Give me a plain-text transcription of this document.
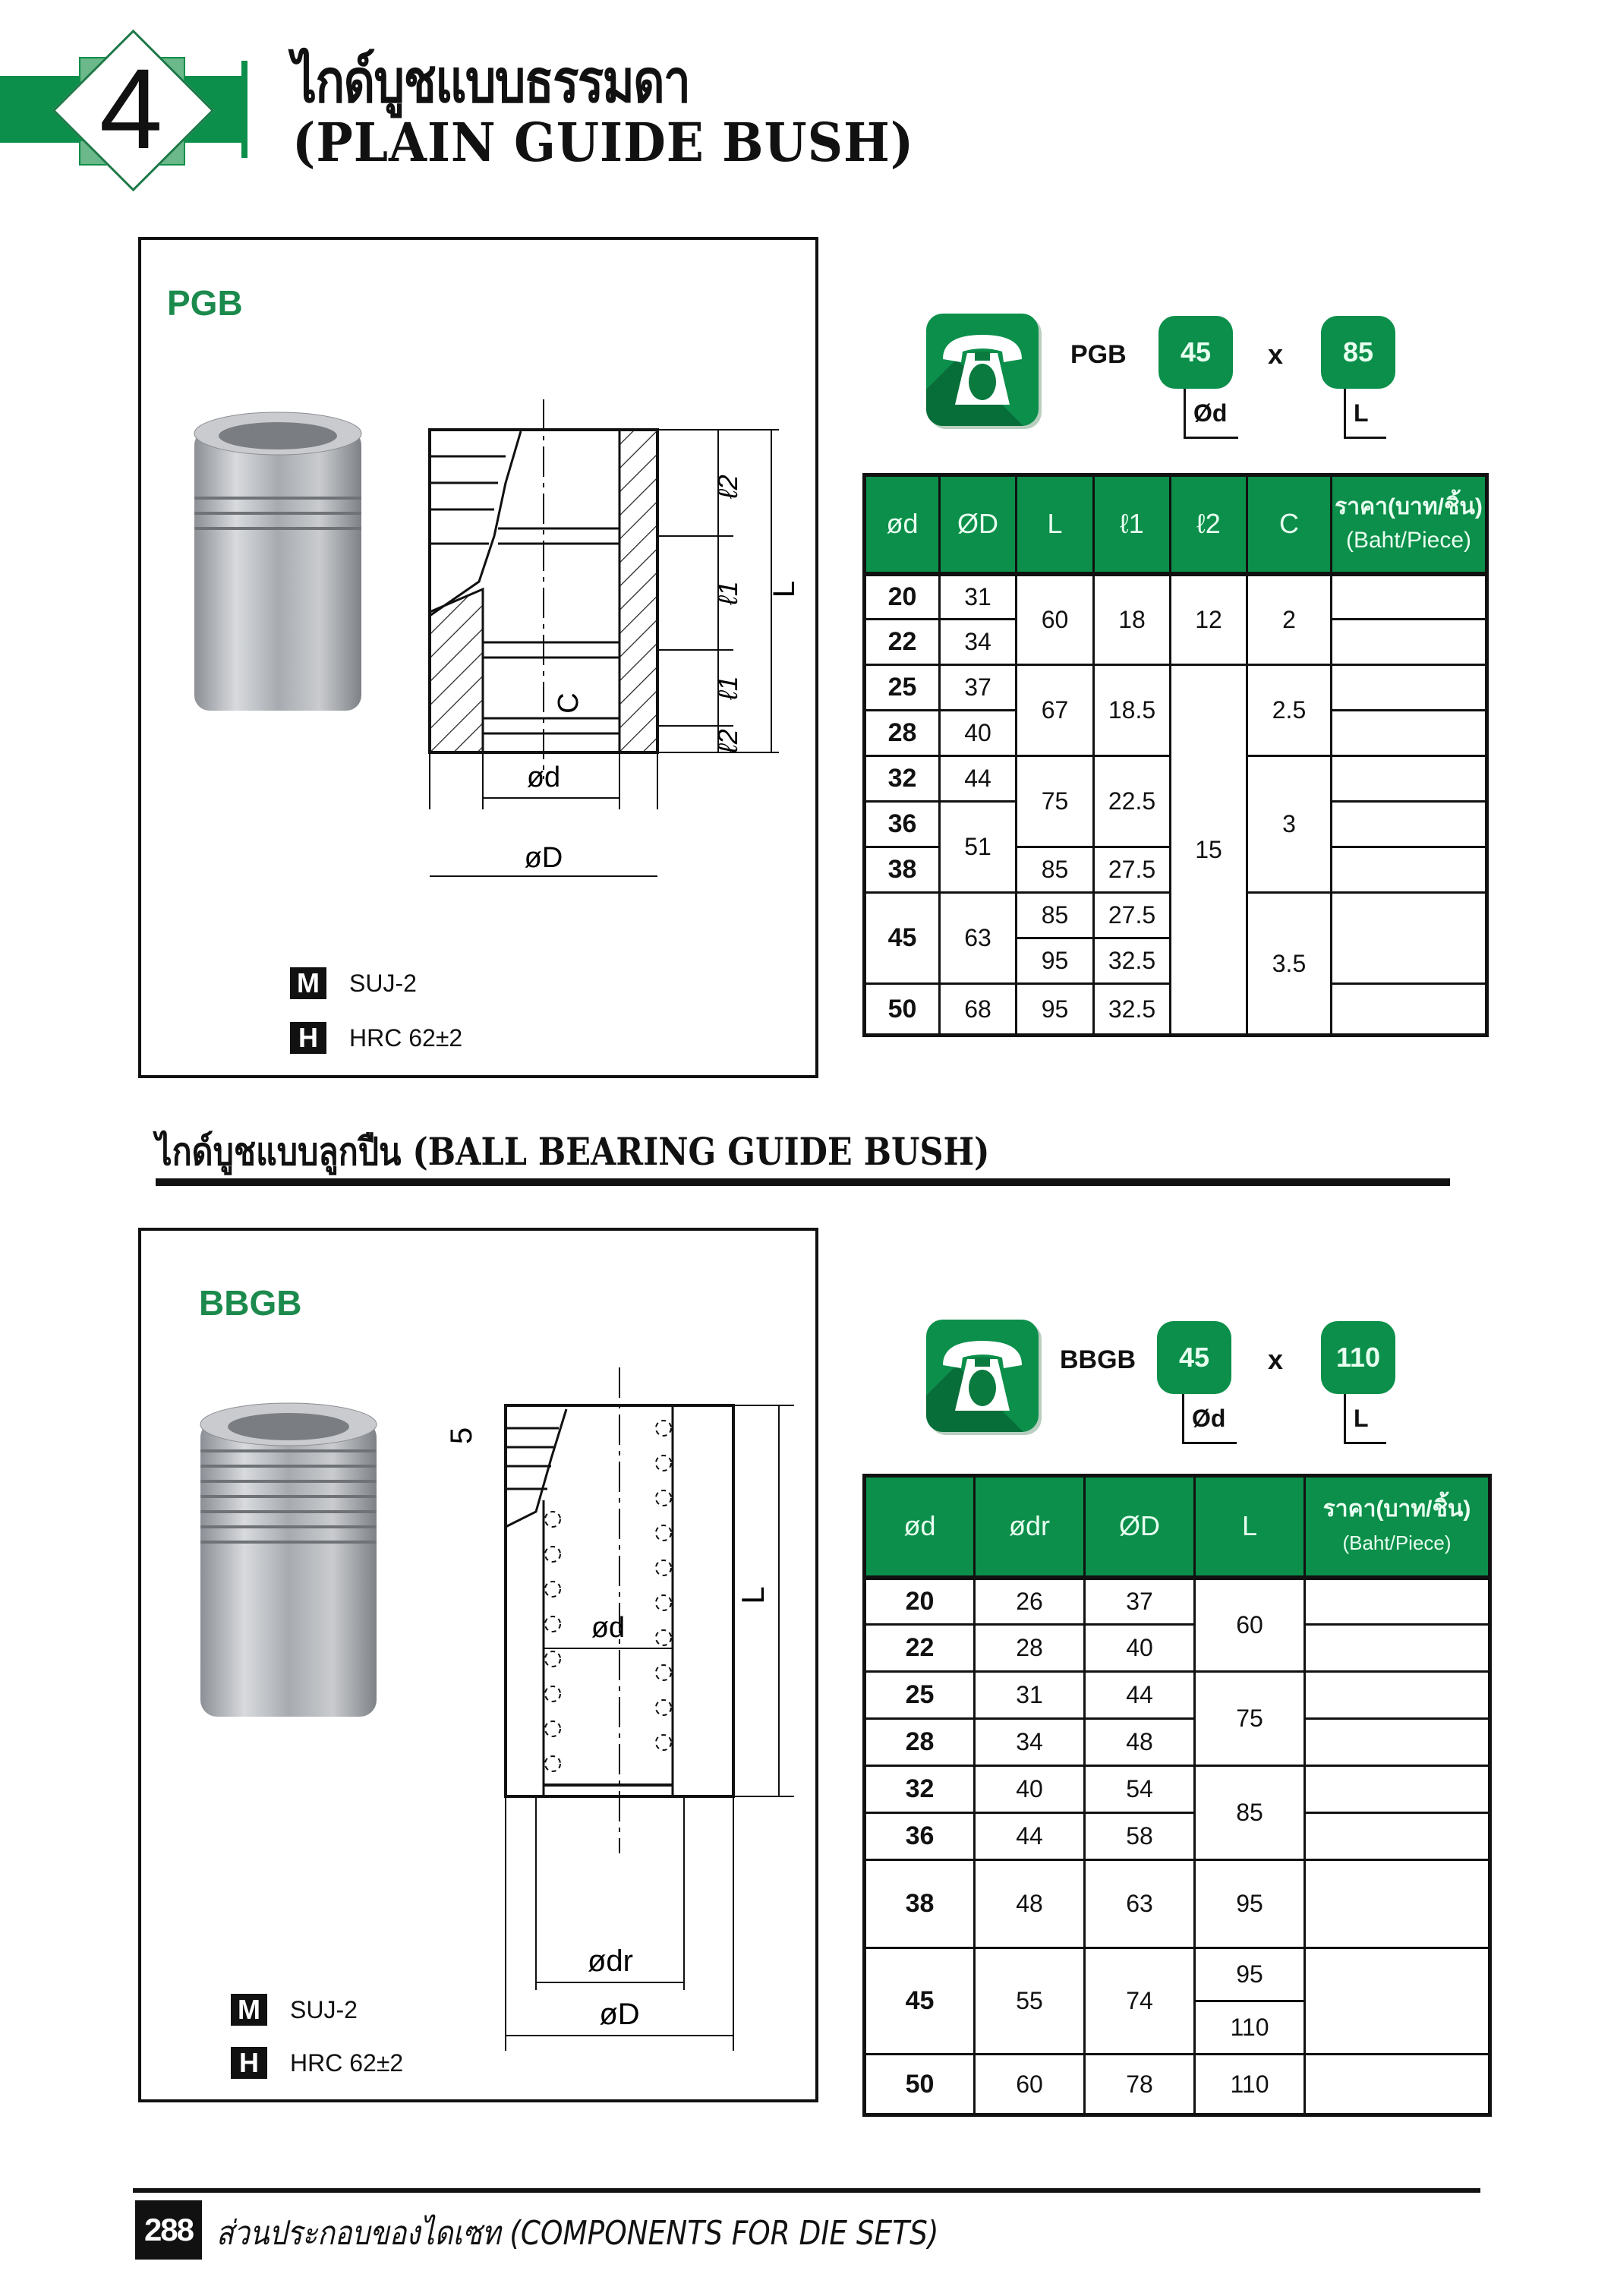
4 ไกด์บูชแบบธรรมดา
(PLAIN GUIDE BUSH)
PGB
ℓ2
ℓ1
ℓ1
ℓ2
L
C
ød
øD
M SUJ-2
H	HRC 62±2
PGB	45	x	85
Ød	L
ød	ØD	L	ℓ1	ℓ2	C	ราคา(บาท/ชิ้น)
(Baht/Piece)

20	31	60	18	12	2	
22	34					
25	37	67	18.5	15	2.5	
28	40					
32	44	75	22.5		3	
36	51					
38		85	27.5			
45	63	85	27.5		3.5	
		95	32.5			
50	68	95	32.5			
ไกด์บูชแบบลูกปืน (BALL BEARING GUIDE BUSH)
BBGB
L
5
ød
ødr
øD
M SUJ-2
H	HRC 62±2
BBGB	45	x	110
Ød	L
ød	ødr	ØD	L	ราคา(บาท/ชิ้น)
(Baht/Piece)

20	26	37	60	
22	28	40		
25	31	44	75	
28	34	48		
32	40	54	85	
36	44	58		
38	48	63	95	
45	55	74	95	
			110	
50	60	78	110	
288 ส่วนประกอบของไดเซท (COMPONENTS FOR DIE SETS)
